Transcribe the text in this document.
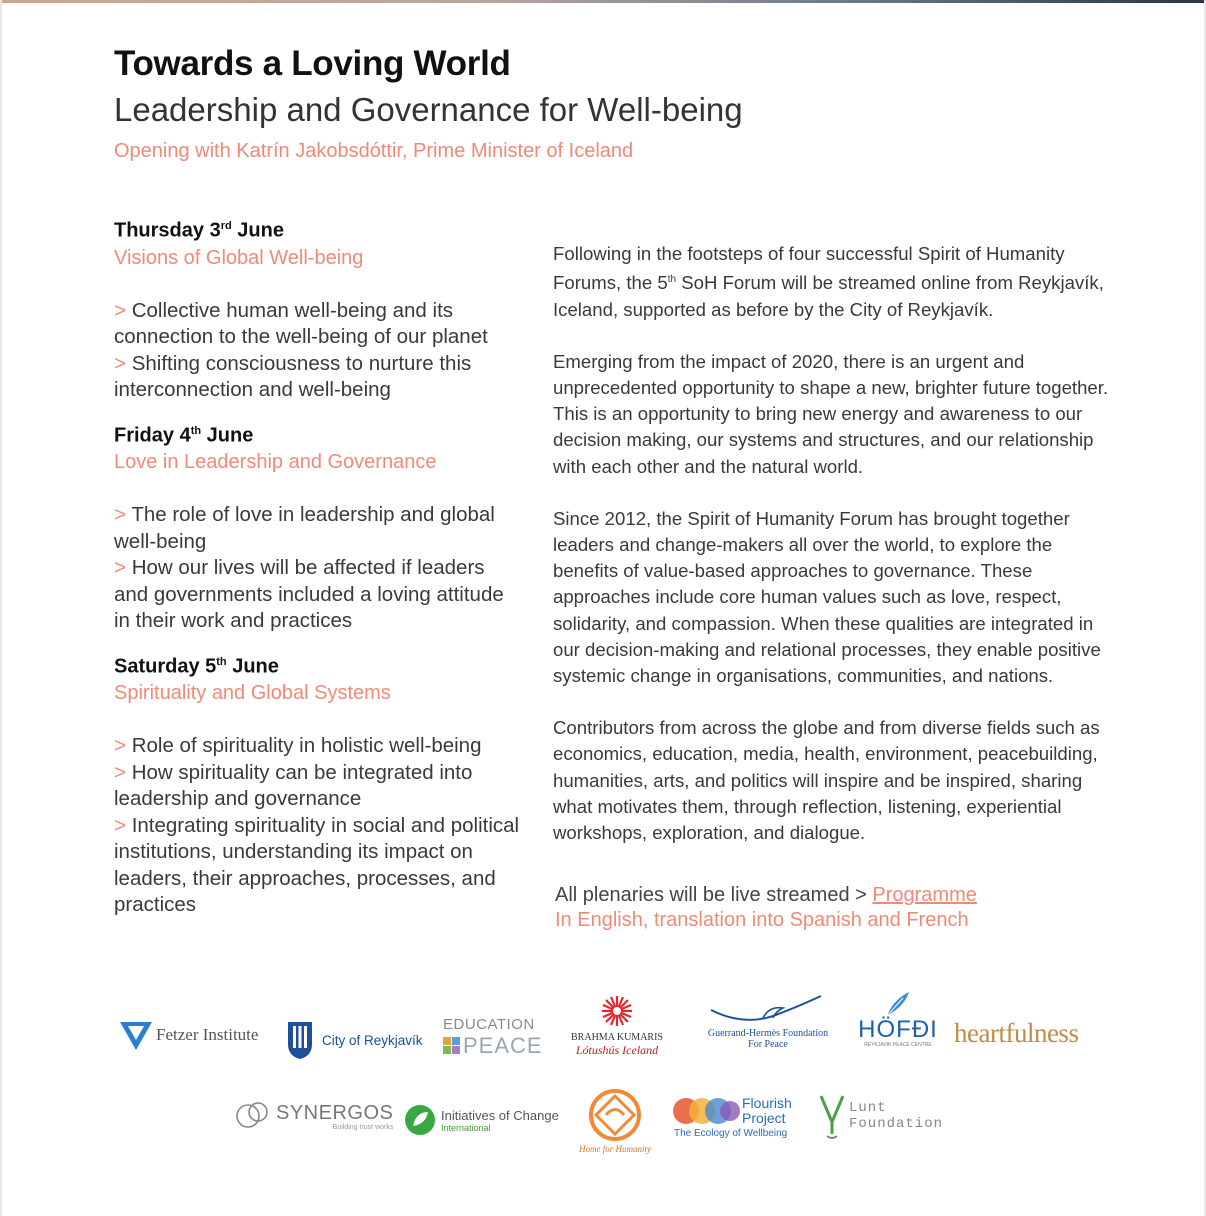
Towards a Loving World
Leadership and Governance for Well-being

Opening with Katrín Jakobsdóttir, Prime Minister of Iceland

Thursday 3rd June

Visions of Global Well-being

> Collective human well-being and its connection to the well-being of our planet
> Shifting consciousness to nurture this interconnection and well-being

Friday 4th June

Love in Leadership and Governance

> The role of love in leadership and global well-being
> How our lives will be affected if leaders and governments included a loving attitude in their work and practices

Saturday 5th June

Spirituality and Global Systems

> Role of spirituality in holistic well-being
> How spirituality can be integrated into leadership and governance
> Integrating spirituality in social and political institutions, understanding its impact on leaders, their approaches, processes, and practices

Following in the footsteps of four successful Spirit of Humanity Forums, the 5th SoH Forum will be streamed online from Reykjavík, Iceland, supported as before by the City of Reykjavík.

Emerging from the impact of 2020, there is an urgent and unprecedented opportunity to shape a new, brighter future together. This is an opportunity to bring new energy and awareness to our decision making, our systems and structures, and our relationship with each other and the natural world.

Since 2012, the Spirit of Humanity Forum has brought together leaders and change-makers all over the world, to explore the benefits of value-based approaches to governance. These approaches include core human values such as love, respect, solidarity, and compassion. When these qualities are integrated in our decision-making and relational processes, they enable positive systemic change in organisations, communities, and nations.

Contributors from across the globe and from diverse fields such as economics, education, media, health, environment, peacebuilding, humanities, arts, and politics will inspire and be inspired, sharing what motivates them, through reflection, listening, experiential workshops, exploration, and dialogue.

All plenaries will be live streamed > Programme
In English, translation into Spanish and French
Fetzer Institute	City of Reykjavík
EDUCATION
PEACE	BRAHMA KUMARIS
Lótushús Iceland
Guerrand-Hermès Foundation
For Peace
HÖFÐI
REYKJAVIK PEACE CENTRE heartfulness
SYNERGOS
Building trust works
Initiatives of Change
International
Home for Humanity
Flourish
Project
The Ecology of Wellbeing
Lunt
Foundation
